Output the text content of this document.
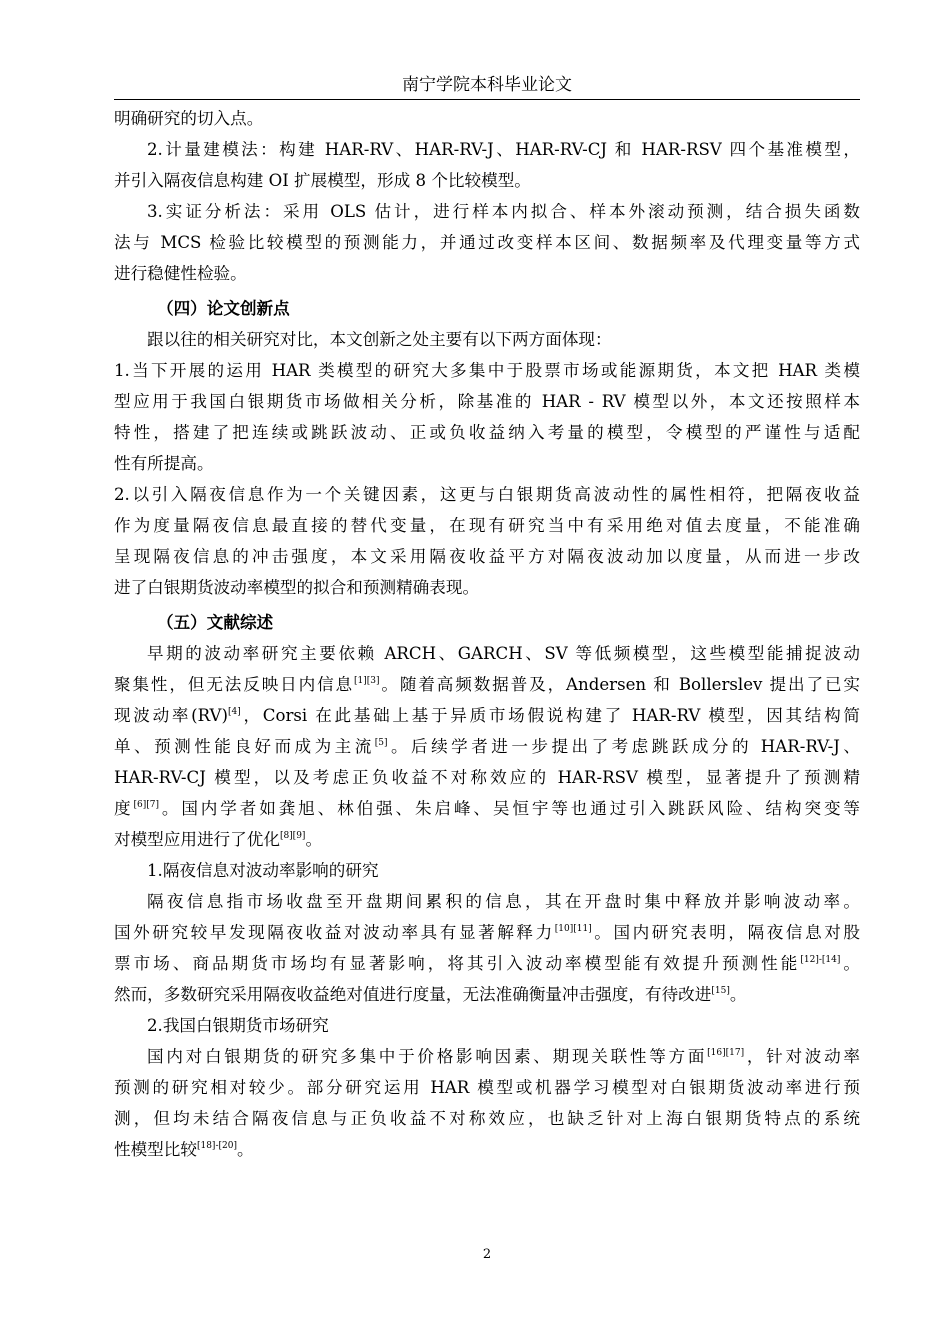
南宁学院本科毕业论文
明确研究的切入点。
2.计量建模法：构建 HAR-RV、HAR-RV-J、HAR-RV-CJ 和 HAR-RSV 四个基准模型，
并引入隔夜信息构建 OI 扩展模型，形成 8 个比较模型。
3.实证分析法：采用 OLS 估计，进行样本内拟合、样本外滚动预测，结合损失函数
法与 MCS 检验比较模型的预测能力，并通过改变样本区间、数据频率及代理变量等方式
进行稳健性检验。
（四）论文创新点
跟以往的相关研究对比，本文创新之处主要有以下两方面体现：
1.当下开展的运用 HAR 类模型的研究大多集中于股票市场或能源期货，本文把 HAR 类模
型应用于我国白银期货市场做相关分析，除基准的 HAR - RV 模型以外，本文还按照样本
特性，搭建了把连续或跳跃波动、正或负收益纳入考量的模型，令模型的严谨性与适配
性有所提高。
2.以引入隔夜信息作为一个关键因素，这更与白银期货高波动性的属性相符，把隔夜收益
作为度量隔夜信息最直接的替代变量，在现有研究当中有采用绝对值去度量，不能准确
呈现隔夜信息的冲击强度，本文采用隔夜收益平方对隔夜波动加以度量，从而进一步改
进了白银期货波动率模型的拟合和预测精确表现。
（五）文献综述
早期的波动率研究主要依赖 ARCH、GARCH、SV 等低频模型，这些模型能捕捉波动
聚集性，但无法反映日内信息[1][3]。随着高频数据普及，Andersen 和 Bollerslev 提出了已实
现波动率(RV)[4]，Corsi 在此基础上基于异质市场假说构建了 HAR-RV 模型，因其结构简
单、预测性能良好而成为主流[5]。后续学者进一步提出了考虑跳跃成分的 HAR-RV-J、
HAR-RV-CJ 模型，以及考虑正负收益不对称效应的 HAR-RSV 模型，显著提升了预测精
度[6][7]。国内学者如龚旭、林伯强、朱启峰、吴恒宇等也通过引入跳跃风险、结构突变等
对模型应用进行了优化[8][9]。
1.隔夜信息对波动率影响的研究
隔夜信息指市场收盘至开盘期间累积的信息，其在开盘时集中释放并影响波动率。
国外研究较早发现隔夜收益对波动率具有显著解释力[10][11]。国内研究表明，隔夜信息对股
票市场、商品期货市场均有显著影响，将其引入波动率模型能有效提升预测性能[12]-[14]。
然而，多数研究采用隔夜收益绝对值进行度量，无法准确衡量冲击强度，有待改进[15]。
2.我国白银期货市场研究
国内对白银期货的研究多集中于价格影响因素、期现关联性等方面[16][17]，针对波动率
预测的研究相对较少。部分研究运用 HAR 模型或机器学习模型对白银期货波动率进行预
测，但均未结合隔夜信息与正负收益不对称效应，也缺乏针对上海白银期货特点的系统
性模型比较[18]-[20]。
2
